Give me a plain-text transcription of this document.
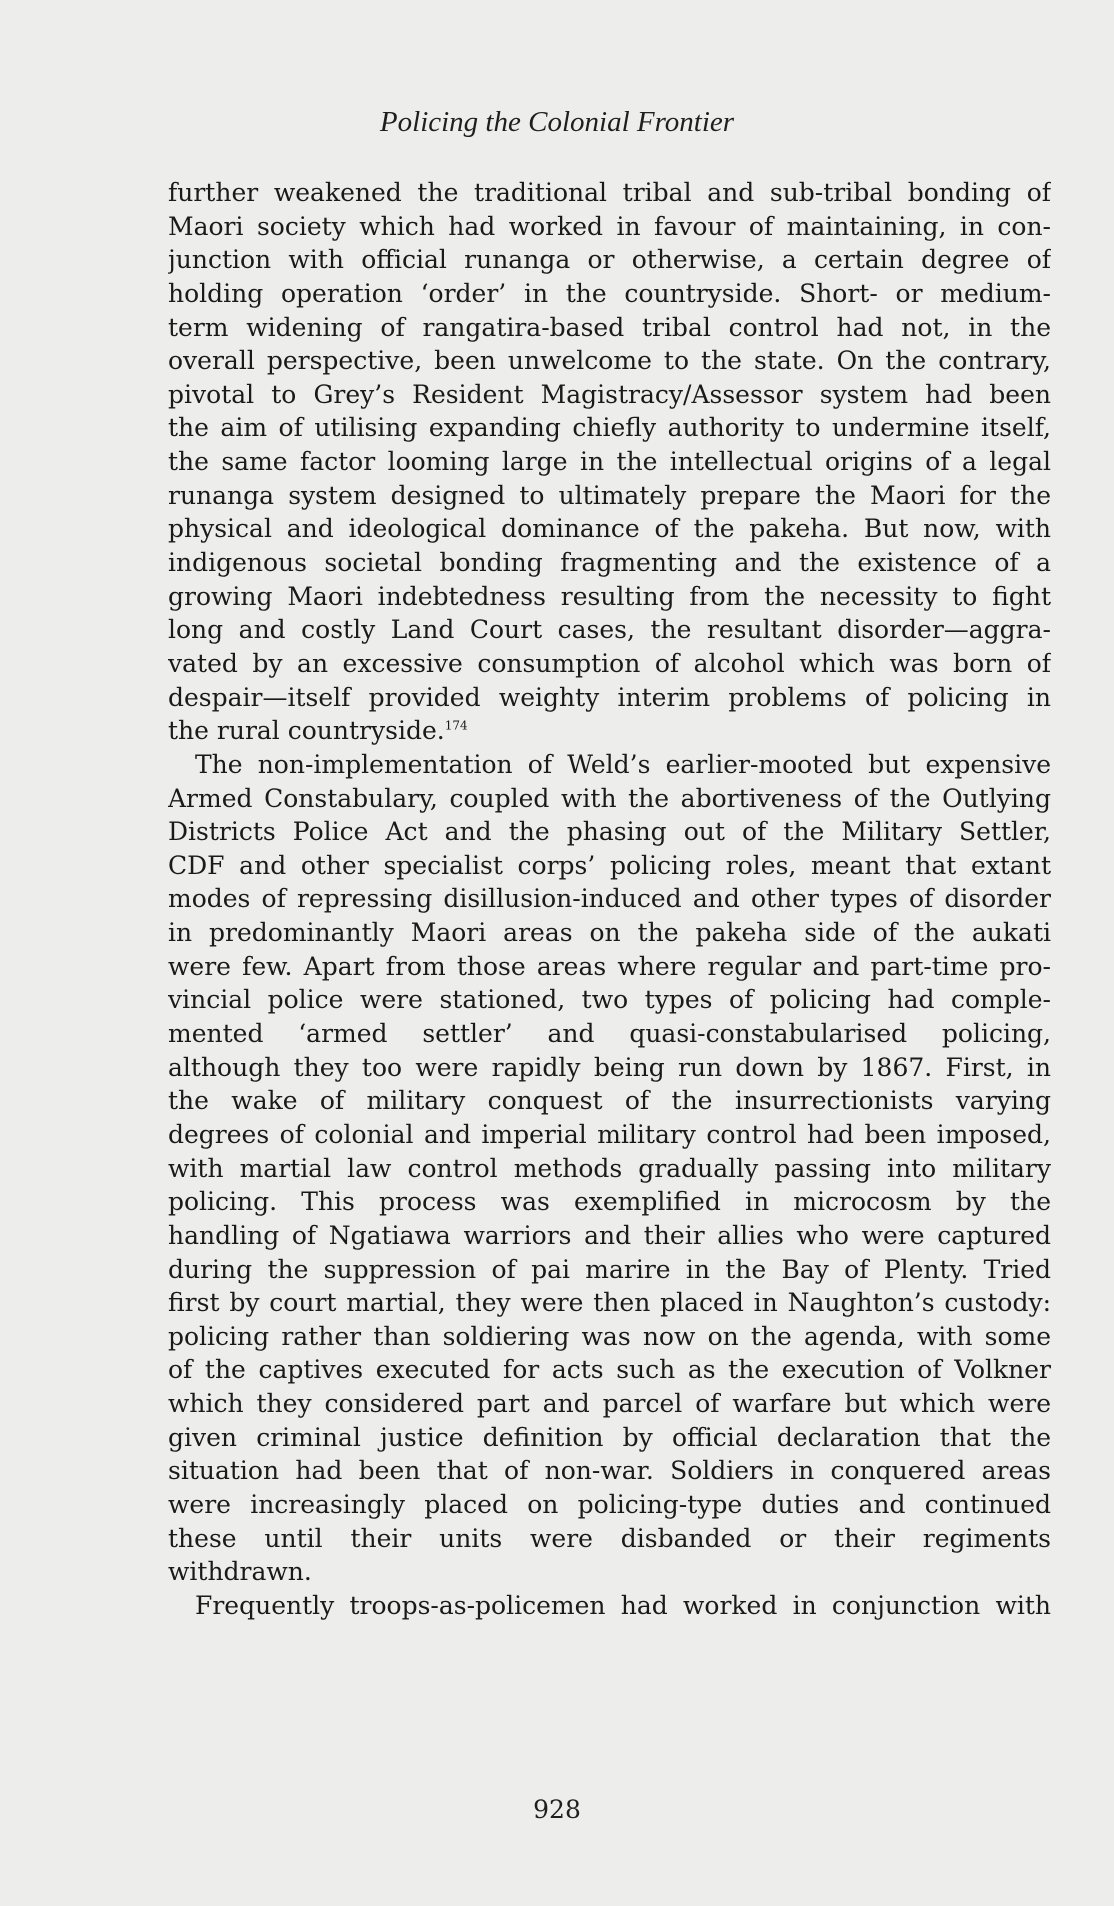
Policing the Colonial Frontier
further weakened the traditional tribal and sub-tribal bonding of
Maori society which had worked in favour of maintaining, in con-
junction with official runanga or otherwise, a certain degree of
holding operation ‘order’ in the countryside. Short- or medium-
term widening of rangatira-based tribal control had not, in the
overall perspective, been unwelcome to the state. On the contrary,
pivotal to Grey’s Resident Magistracy/Assessor system had been
the aim of utilising expanding chiefly authority to undermine itself,
the same factor looming large in the intellectual origins of a legal
runanga system designed to ultimately prepare the Maori for the
physical and ideological dominance of the pakeha. But now, with
indigenous societal bonding fragmenting and the existence of a
growing Maori indebtedness resulting from the necessity to fight
long and costly Land Court cases, the resultant disorder—aggra-
vated by an excessive consumption of alcohol which was born of
despair—itself provided weighty interim problems of policing in
the rural countryside.$^{174}$
The non-implementation of Weld’s earlier-mooted but expensive
Armed Constabulary, coupled with the abortiveness of the Outlying
Districts Police Act and the phasing out of the Military Settler,
CDF and other specialist corps’ policing roles, meant that extant
modes of repressing disillusion-induced and other types of disorder
in predominantly Maori areas on the pakeha side of the aukati
were few. Apart from those areas where regular and part-time pro-
vincial police were stationed, two types of policing had comple-
mented ‘armed settler’ and quasi-constabularised policing,
although they too were rapidly being run down by 1867. First, in
the wake of military conquest of the insurrectionists varying
degrees of colonial and imperial military control had been imposed,
with martial law control methods gradually passing into military
policing. This process was exemplified in microcosm by the
handling of Ngatiawa warriors and their allies who were captured
during the suppression of pai marire in the Bay of Plenty. Tried
first by court martial, they were then placed in Naughton’s custody:
policing rather than soldiering was now on the agenda, with some
of the captives executed for acts such as the execution of Volkner
which they considered part and parcel of warfare but which were
given criminal justice definition by official declaration that the
situation had been that of non-war. Soldiers in conquered areas
were increasingly placed on policing-type duties and continued
these until their units were disbanded or their regiments
withdrawn.
Frequently troops-as-policemen had worked in conjunction with
928
